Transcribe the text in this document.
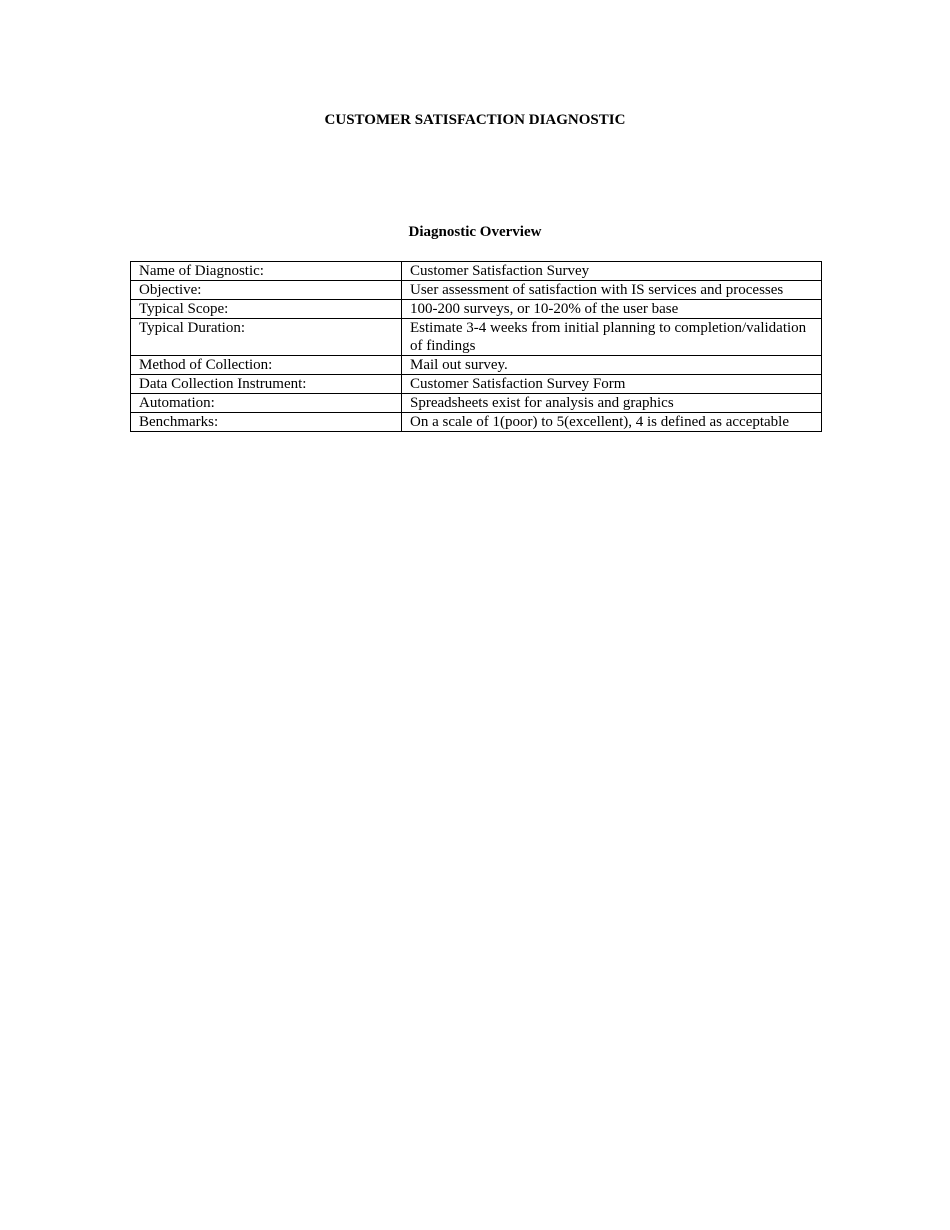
CUSTOMER SATISFACTION DIAGNOSTIC
Diagnostic Overview
Name of Diagnostic:	Customer Satisfaction Survey
Objective:	User assessment of satisfaction with IS services and processes
Typical Scope:	100-200 surveys, or 10-20% of the user base
Typical Duration:	Estimate 3-4 weeks from initial planning to completion/validation of findings
Method of Collection:	Mail out survey.
Data Collection Instrument:	Customer Satisfaction Survey Form
Automation:	Spreadsheets exist for analysis and graphics
Benchmarks:	On a scale of 1(poor) to 5(excellent), 4 is defined as acceptable
